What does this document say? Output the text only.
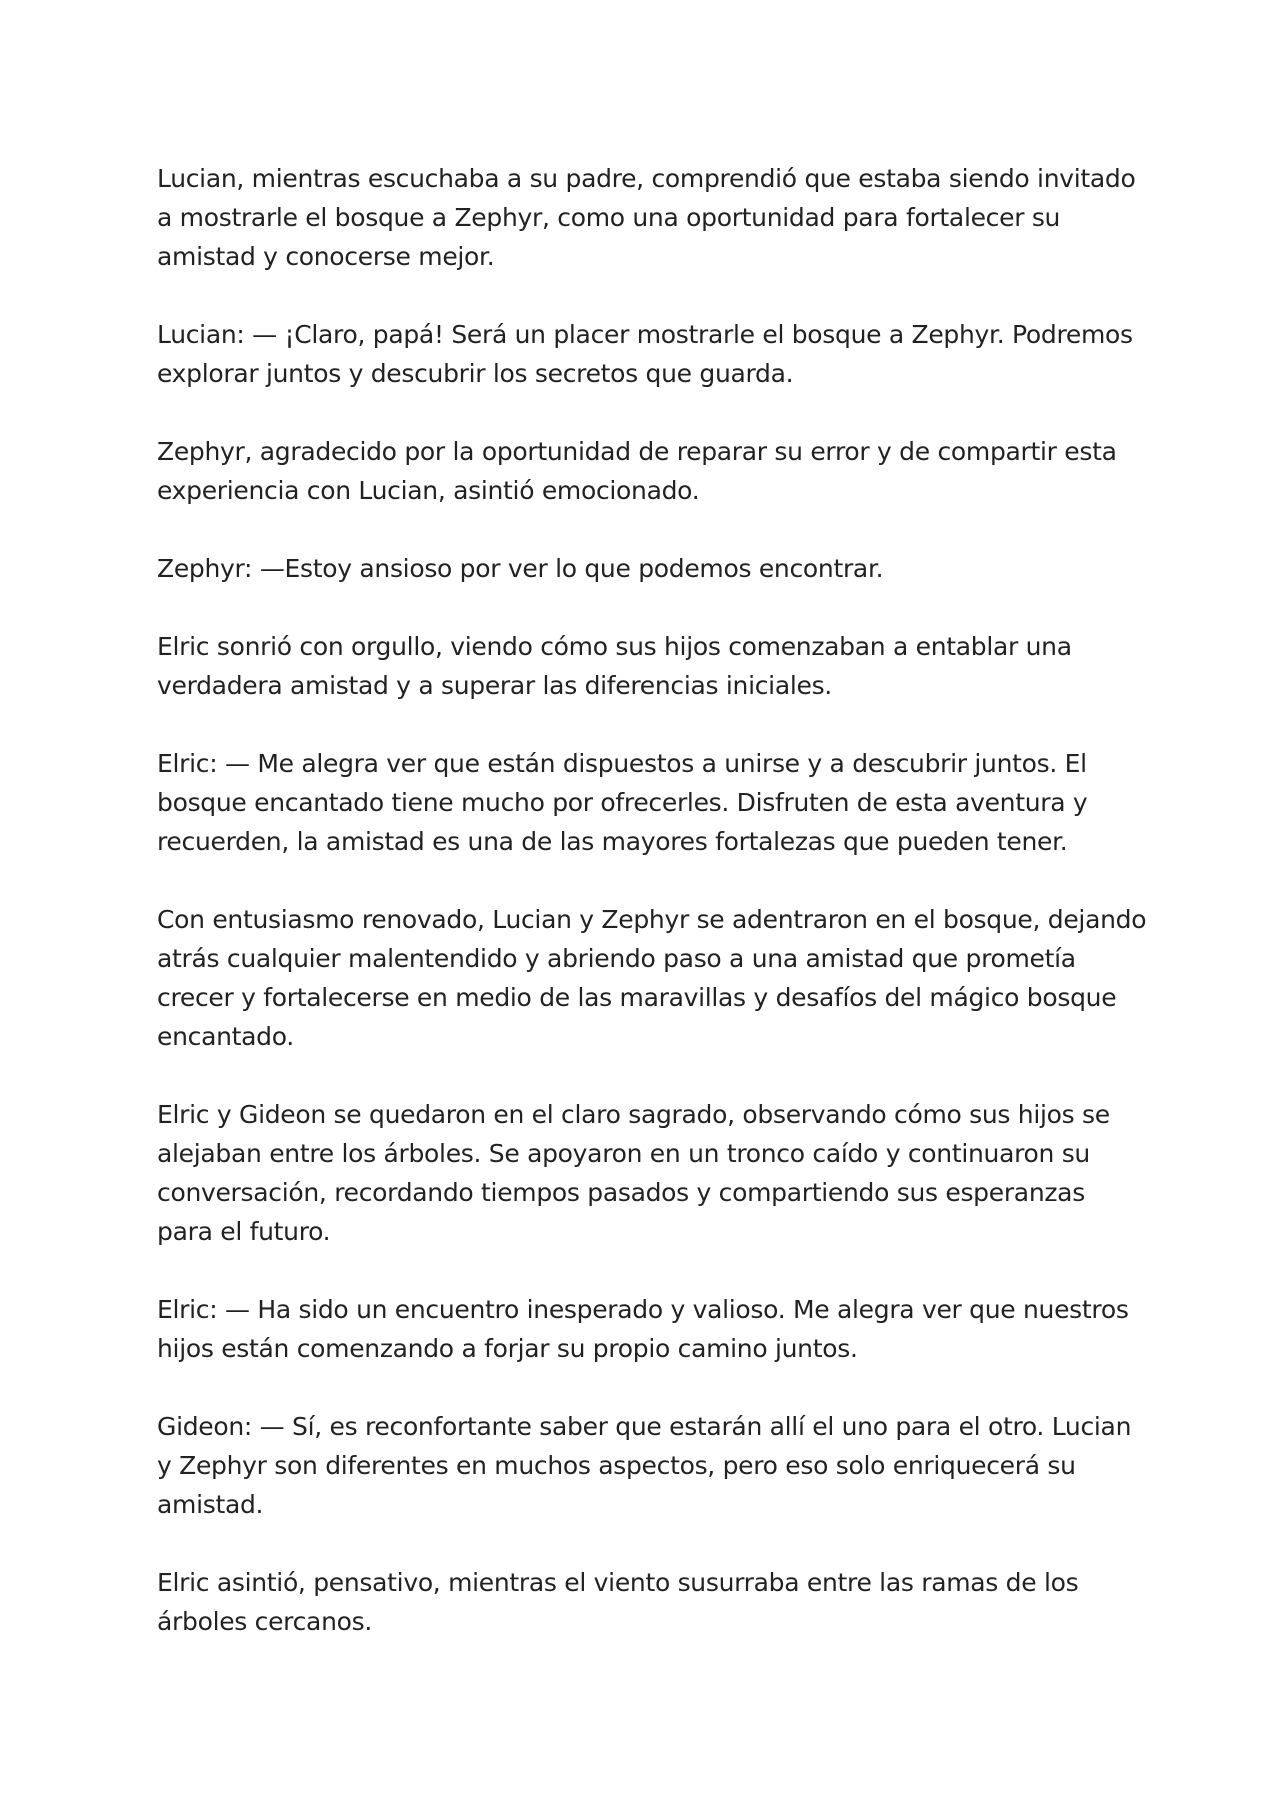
Lucian, mientras escuchaba a su padre, comprendió que estaba siendo invitado a mostrarle el bosque a Zephyr, como una oportunidad para fortalecer su amistad y conocerse mejor.

Lucian: — ¡Claro, papá! Será un placer mostrarle el bosque a Zephyr. Podremos explorar juntos y descubrir los secretos que guarda.

Zephyr, agradecido por la oportunidad de reparar su error y de compartir esta experiencia con Lucian, asintió emocionado.

Zephyr: —Estoy ansioso por ver lo que podemos encontrar.

Elric sonrió con orgullo, viendo cómo sus hijos comenzaban a entablar una verdadera amistad y a superar las diferencias iniciales.

Elric: — Me alegra ver que están dispuestos a unirse y a descubrir juntos. El bosque encantado tiene mucho por ofrecerles. Disfruten de esta aventura y recuerden, la amistad es una de las mayores fortalezas que pueden tener.

Con entusiasmo renovado, Lucian y Zephyr se adentraron en el bosque, dejando atrás cualquier malentendido y abriendo paso a una amistad que prometía crecer y fortalecerse en medio de las maravillas y desafíos del mágico bosque encantado.

Elric y Gideon se quedaron en el claro sagrado, observando cómo sus hijos se alejaban entre los árboles. Se apoyaron en un tronco caído y continuaron su conversación, recordando tiempos pasados y compartiendo sus esperanzas para el futuro.

Elric: — Ha sido un encuentro inesperado y valioso. Me alegra ver que nuestros hijos están comenzando a forjar su propio camino juntos.

Gideon: — Sí, es reconfortante saber que estarán allí el uno para el otro. Lucian y Zephyr son diferentes en muchos aspectos, pero eso solo enriquecerá su amistad.

Elric asintió, pensativo, mientras el viento susurraba entre las ramas de los árboles cercanos.
